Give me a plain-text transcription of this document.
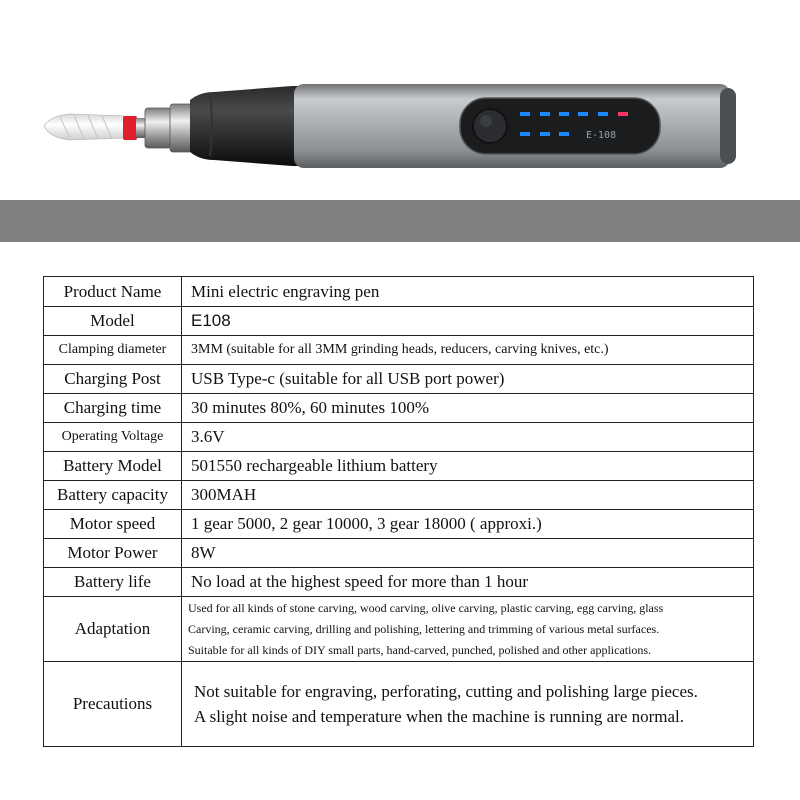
E-108
Product Name	Mini electric engraving pen
Model	E108
Clamping diameter	3MM (suitable for all 3MM grinding heads, reducers, carving knives, etc.)
Charging Post	USB Type-c (suitable for all USB port power)
Charging time	30 minutes 80%, 60 minutes 100%
Operating Voltage	3.6V
Battery Model	501550 rechargeable lithium battery
Battery capacity	300MAH
Motor speed	1 gear 5000, 2 gear 10000, 3 gear 18000 ( approxi.)
Motor Power	8W
Battery life	No load at the highest speed for more than 1 hour
Adaptation	Used for all kinds of stone carving, wood carving, olive carving, plastic carving, egg carving, glass
Carving, ceramic carving, drilling and polishing, lettering and trimming of various metal surfaces.
Suitable for all kinds of DIY small parts, hand-carved, punched, polished and other applications.

Precautions	Not suitable for engraving, perforating, cutting and polishing large pieces.
A slight noise and temperature when the machine is running are normal.
